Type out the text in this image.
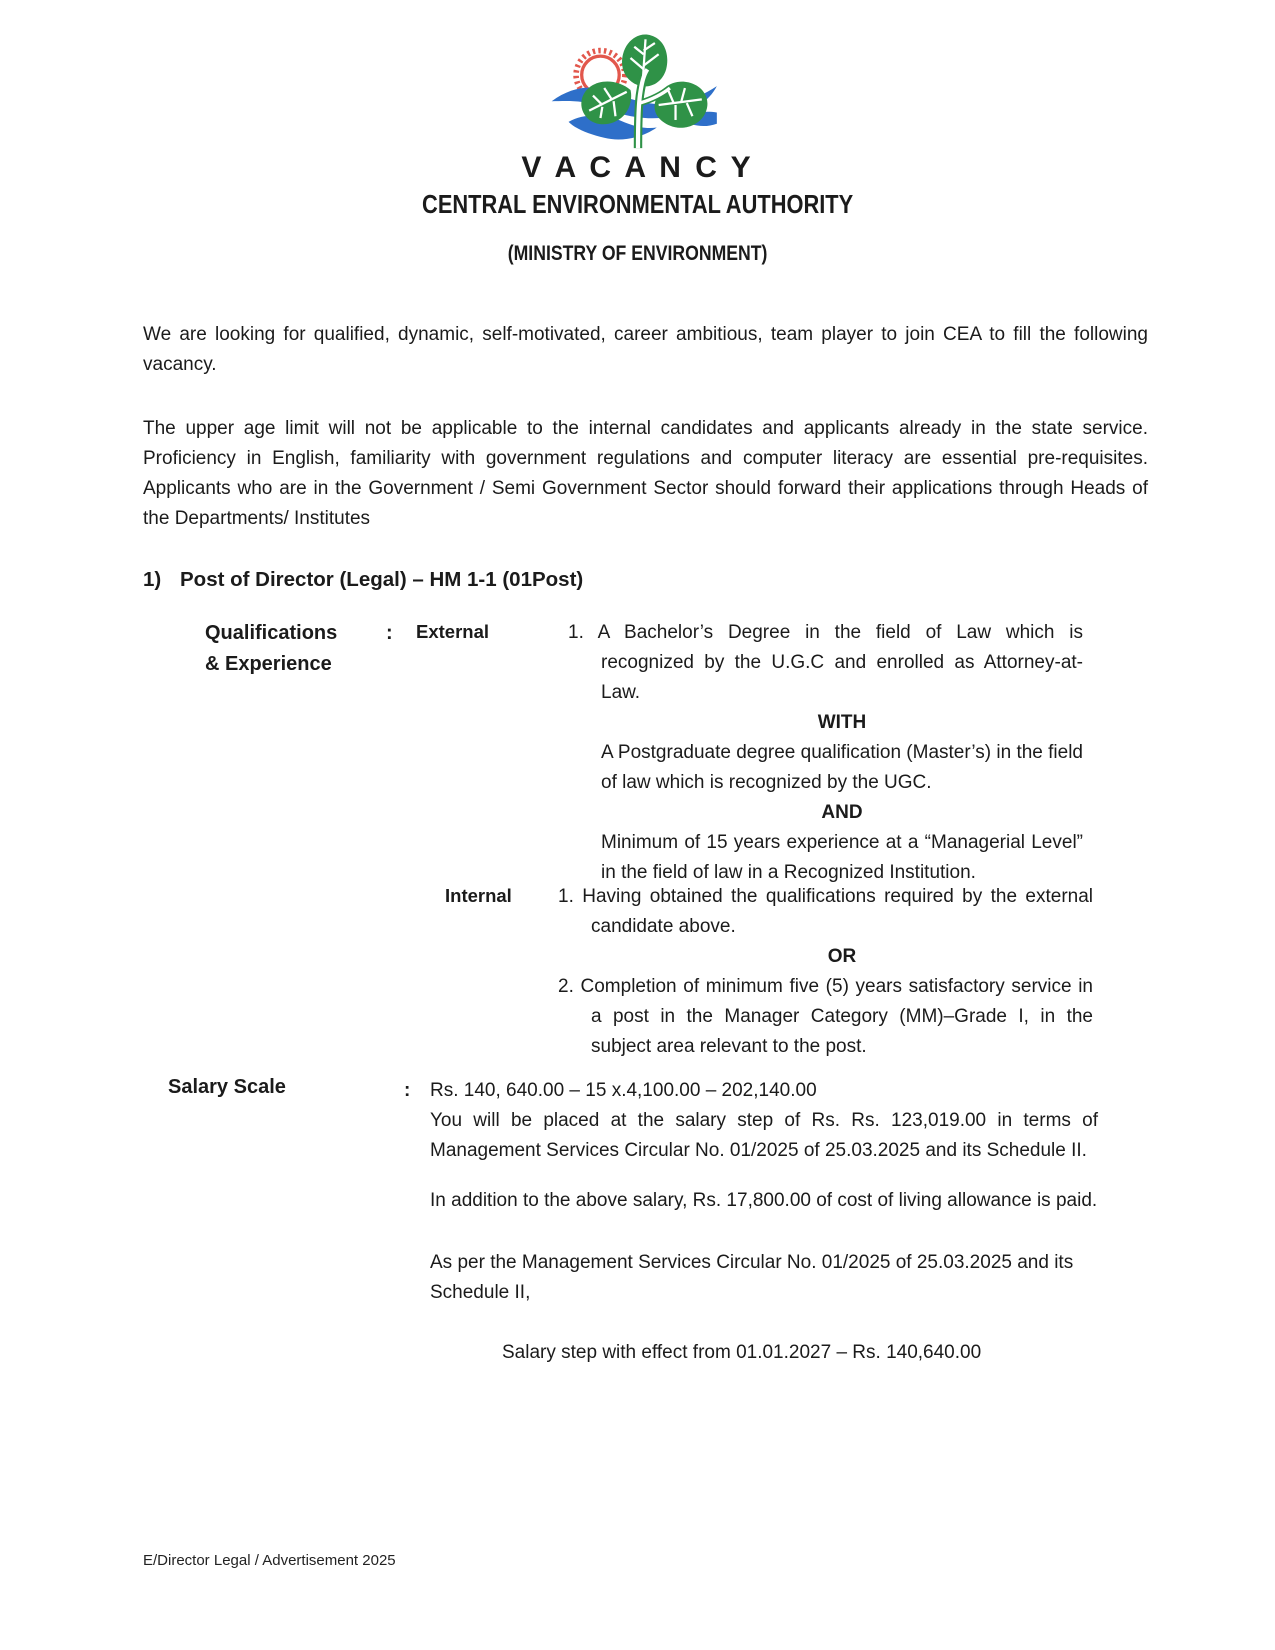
V A C A N C Y
CENTRAL ENVIRONMENTAL AUTHORITY
(MINISTRY OF ENVIRONMENT)

We are looking for qualified, dynamic, self-motivated, career ambitious, team player to join CEA to fill the following vacancy.

The upper age limit will not be applicable to the internal candidates and applicants already in the state service. Proficiency in English, familiarity with government regulations and computer literacy are essential pre-requisites. Applicants who are in the Government / Semi Government Sector should forward their applications through Heads of the Departments/ Institutes

1) Post of Director (Legal) – HM 1-1 (01Post)
Qualifications
& Experience
: External	1. A Bachelor’s Degree in the field of Law which is recognized by the U.G.C and enrolled as Attorney-at-Law.
WITH
A Postgraduate degree qualification (Master’s) in the field of law which is recognized by the UGC.
AND
Minimum of 15 years experience at a “Managerial Level” in the field of law in a Recognized Institution.
Internal 1. Having obtained the qualifications required by the external candidate above.
OR
2. Completion of minimum five (5) years satisfactory service in a post in the Manager Category (MM)–Grade I, in the subject area relevant to the post.
Salary Scale	: Rs. 140, 640.00 – 15 x.4,100.00 – 202,140.00
You will be placed at the salary step of Rs. Rs. 123,019.00 in terms of Management Services Circular No. 01/2025 of 25.03.2025 and its Schedule II.
In addition to the above salary, Rs. 17,800.00 of cost of living allowance is paid.
As per the Management Services Circular No. 01/2025 of 25.03.2025 and its Schedule II,
Salary step with effect from 01.01.2027 – Rs. 140,640.00
E/Director Legal / Advertisement 2025
